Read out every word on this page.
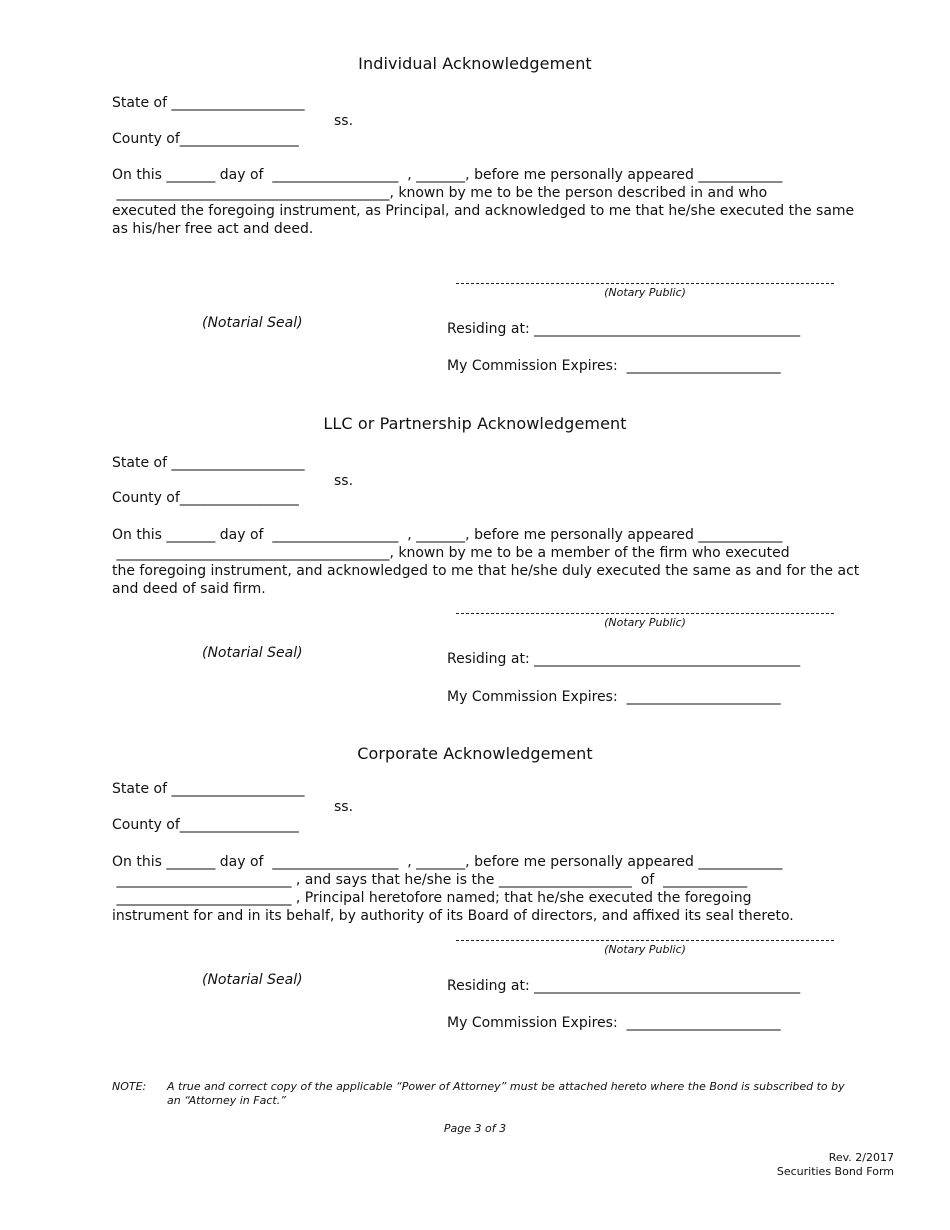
Individual Acknowledgement
State of ___________________
ss.
County of_________________
On this _______ day of  __________________  , _______, before me personally appeared ____________
_______________________________________, known by me to be the person described in and who
executed the foregoing instrument, as Principal, and acknowledged to me that he/she executed the same
as his/her free act and deed.
(Notary Public)
(Notarial Seal)	Residing at: ______________________________________
My Commission Expires:  ______________________
LLC or Partnership Acknowledgement
State of ___________________
ss.
County of_________________
On this _______ day of  __________________  , _______, before me personally appeared ____________
_______________________________________, known by me to be a member of the firm who executed
the foregoing instrument, and acknowledged to me that he/she duly executed the same as and for the act
and deed of said firm.
(Notary Public)
(Notarial Seal)	Residing at: ______________________________________
My Commission Expires:  ______________________
Corporate Acknowledgement
State of ___________________
ss.
County of_________________
On this _______ day of  __________________  , _______, before me personally appeared ____________
_________________________ , and says that he/she is the ___________________  of  ____________
_________________________ , Principal heretofore named; that he/she executed the foregoing
instrument for and in its behalf, by authority of its Board of directors, and affixed its seal thereto.
(Notary Public)
(Notarial Seal)	Residing at: ______________________________________
My Commission Expires:  ______________________
NOTE: A true and correct copy of the applicable “Power of Attorney” must be attached hereto where the Bond is subscribed to by
an “Attorney in Fact.”
Page 3 of 3
Rev. 2/2017
Securities Bond Form
